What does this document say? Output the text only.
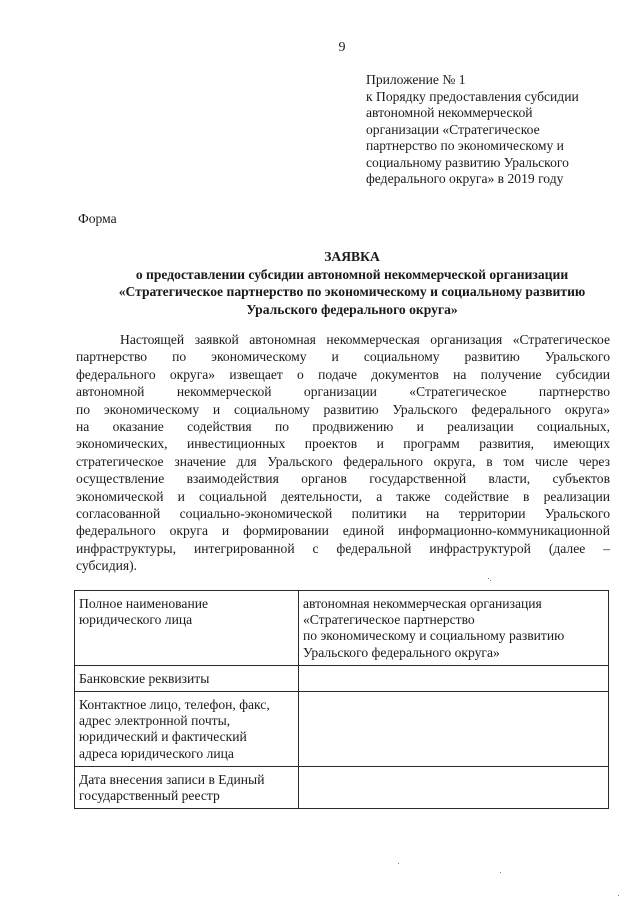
9
Приложение № 1
к Порядку предоставления субсидии
автономной некоммерческой
организации «Стратегическое
партнерство по экономическому и
социальному развитию Уральского
федерального округа» в 2019 году
Форма
ЗАЯВКА
о предоставлении субсидии автономной некоммерческой организации
«Стратегическое партнерство по экономическому и социальному развитию
Уральского федерального округа»
Настоящей заявкой автономная некоммерческая организация «Стратегическое
партнерство по экономическому и социальному развитию Уральского
федерального округа» извещает о подаче документов на получение субсидии
автономной некоммерческой организации «Стратегическое партнерство
по экономическому и социальному развитию Уральского федерального округа»
на оказание содействия по продвижению и реализации социальных,
экономических, инвестиционных проектов и программ развития, имеющих
стратегическое значение для Уральского федерального округа, в том числе через
осуществление взаимодействия органов государственной власти, субъектов
экономической и социальной деятельности, а также содействие в реализации
согласованной социально-экономической политики на территории Уральского
федерального округа и формировании единой информационно-коммуникационной
инфраструктуры, интегрированной с федеральной инфраструктурой (далее –
субсидия).
Полное наименование
юридического лица	автономная некоммерческая организация
«Стратегическое партнерство
по экономическому и социальному развитию
Уральского федерального округа»

Банковские реквизиты	

Контактное лицо, телефон, факс,
адрес электронной почты,
юридический и фактический
адреса юридического лица	

Дата внесения записи в Единый
государственный реестр	
